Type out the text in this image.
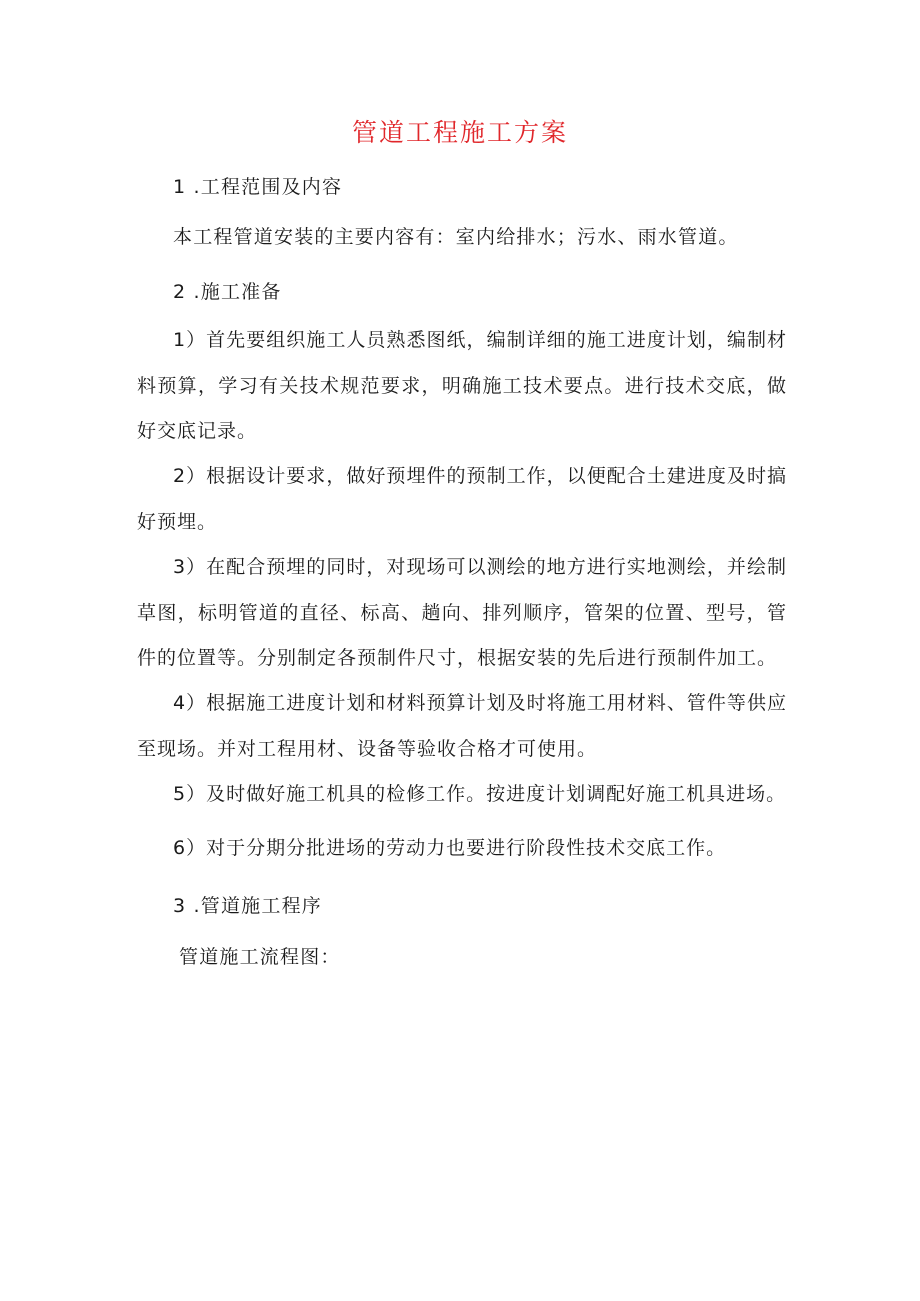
管道工程施工方案
1 .工程范围及内容
本工程管道安装的主要内容有：室内给排水；污水、雨水管道。
2 .施工准备

1）首先要组织施工人员熟悉图纸，编制详细的施工进度计划，编制材料预算，学习有关技术规范要求，明确施工技术要点。进行技术交底，做好交底记录。

2）根据设计要求，做好预埋件的预制工作，以便配合土建进度及时搞好预埋。

3）在配合预埋的同时，对现场可以测绘的地方进行实地测绘，并绘制草图，标明管道的直径、标高、趟向、排列顺序，管架的位置、型号，管件的位置等。分别制定各预制件尺寸，根据安装的先后进行预制件加工。

4）根据施工进度计划和材料预算计划及时将施工用材料、管件等供应至现场。并对工程用材、设备等验收合格才可使用。

5）及时做好施工机具的检修工作。按进度计划调配好施工机具进场。

6）对于分期分批进场的劳动力也要进行阶段性技术交底工作。

3 .管道施工程序
管道施工流程图：
